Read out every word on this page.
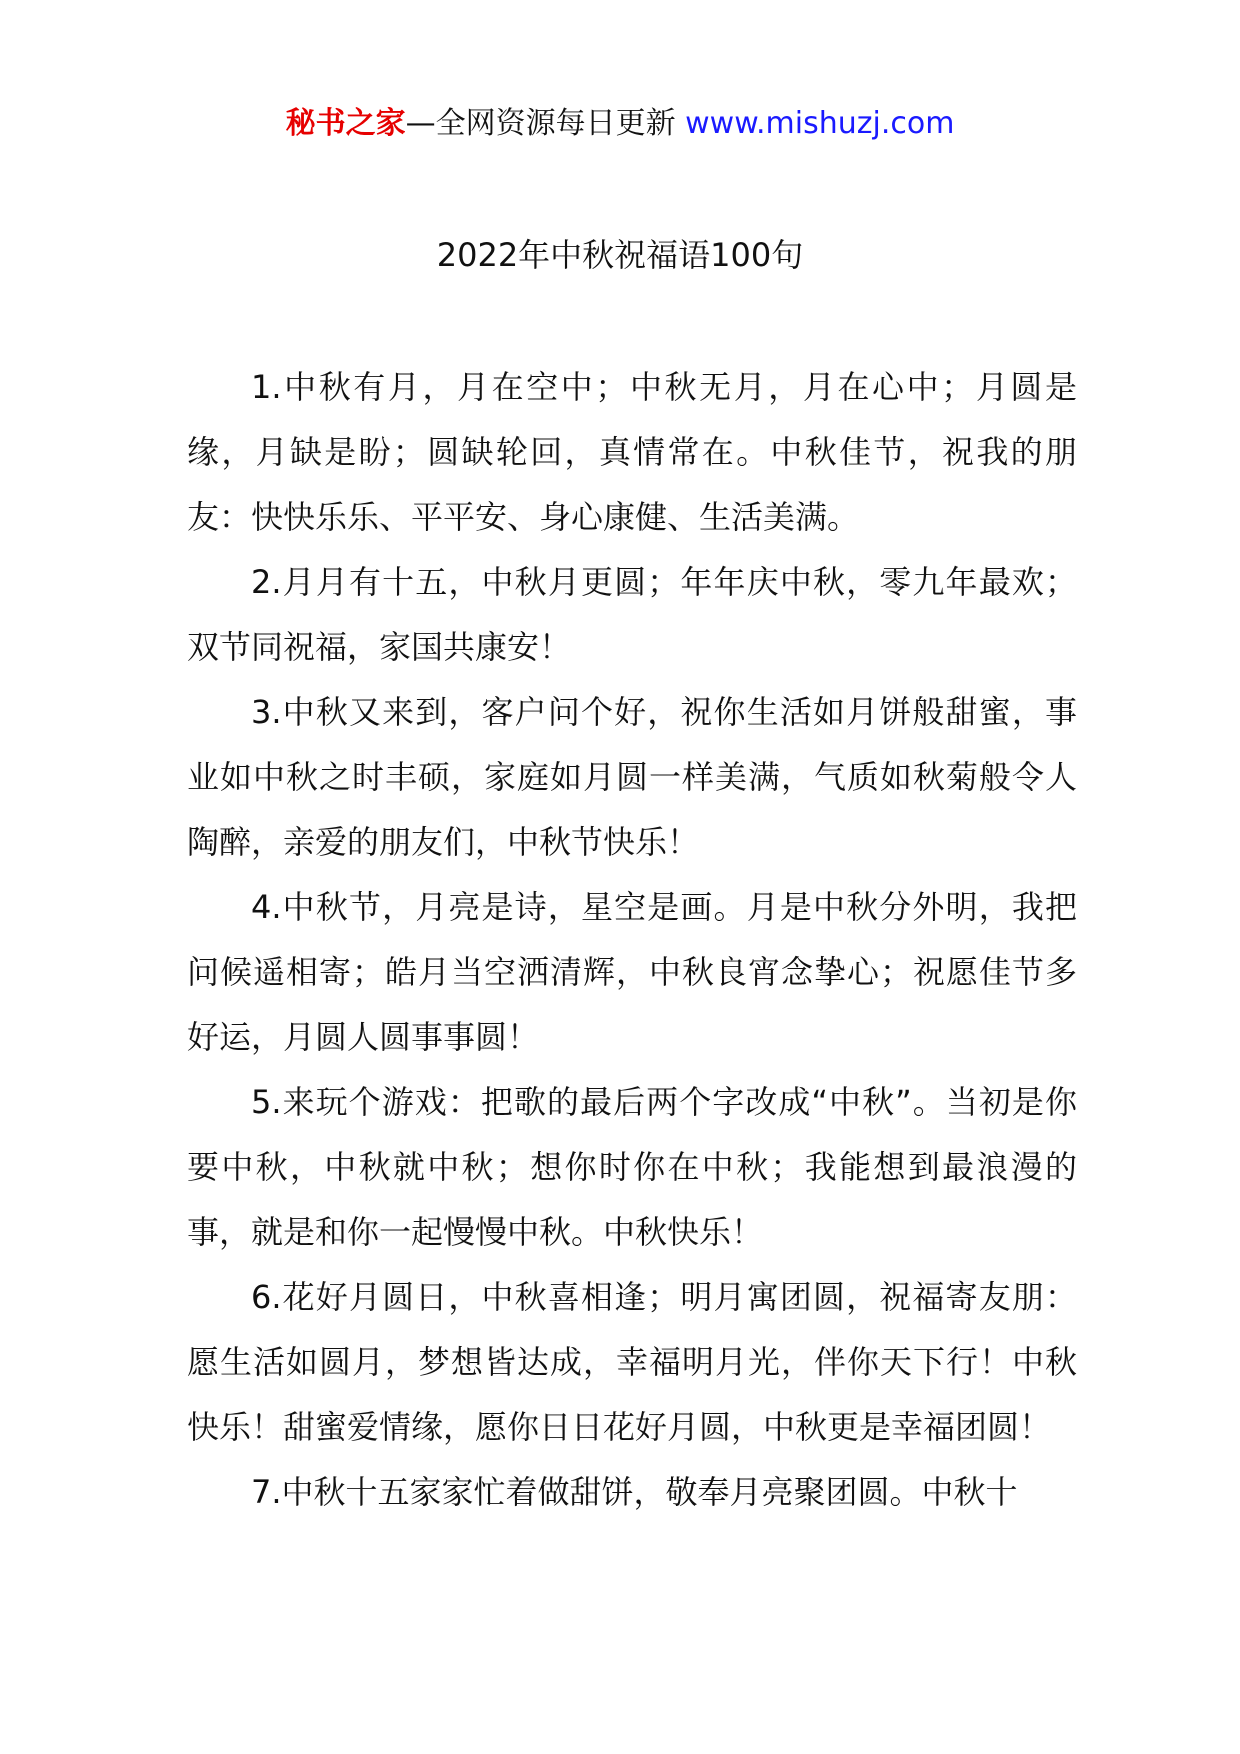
秘书之家—全网资源每日更新 www.mishuzj.com
2022年中秋祝福语100句

1.中秋有月，月在空中；中秋无月，月在心中；月圆是缘，月缺是盼；圆缺轮回，真情常在。中秋佳节，祝我的朋友：快快乐乐、平平安、身心康健、生活美满。

2.月月有十五，中秋月更圆；年年庆中秋，零九年最欢；双节同祝福，家国共康安！

3.中秋又来到，客户问个好，祝你生活如月饼般甜蜜，事业如中秋之时丰硕，家庭如月圆一样美满，气质如秋菊般令人陶醉，亲爱的朋友们，中秋节快乐！

4.中秋节，月亮是诗，星空是画。月是中秋分外明，我把问候遥相寄；皓月当空洒清辉，中秋良宵念挚心；祝愿佳节多好运，月圆人圆事事圆！

5.来玩个游戏：把歌的最后两个字改成“中秋”。当初是你要中秋，中秋就中秋；想你时你在中秋；我能想到最浪漫的事，就是和你一起慢慢中秋。中秋快乐！

6.花好月圆日，中秋喜相逢；明月寓团圆，祝福寄友朋：愿生活如圆月，梦想皆达成，幸福明月光，伴你天下行！中秋快乐！甜蜜爱情缘，愿你日日花好月圆，中秋更是幸福团圆！

7.中秋十五家家忙着做甜饼，敬奉月亮聚团圆。中秋十
